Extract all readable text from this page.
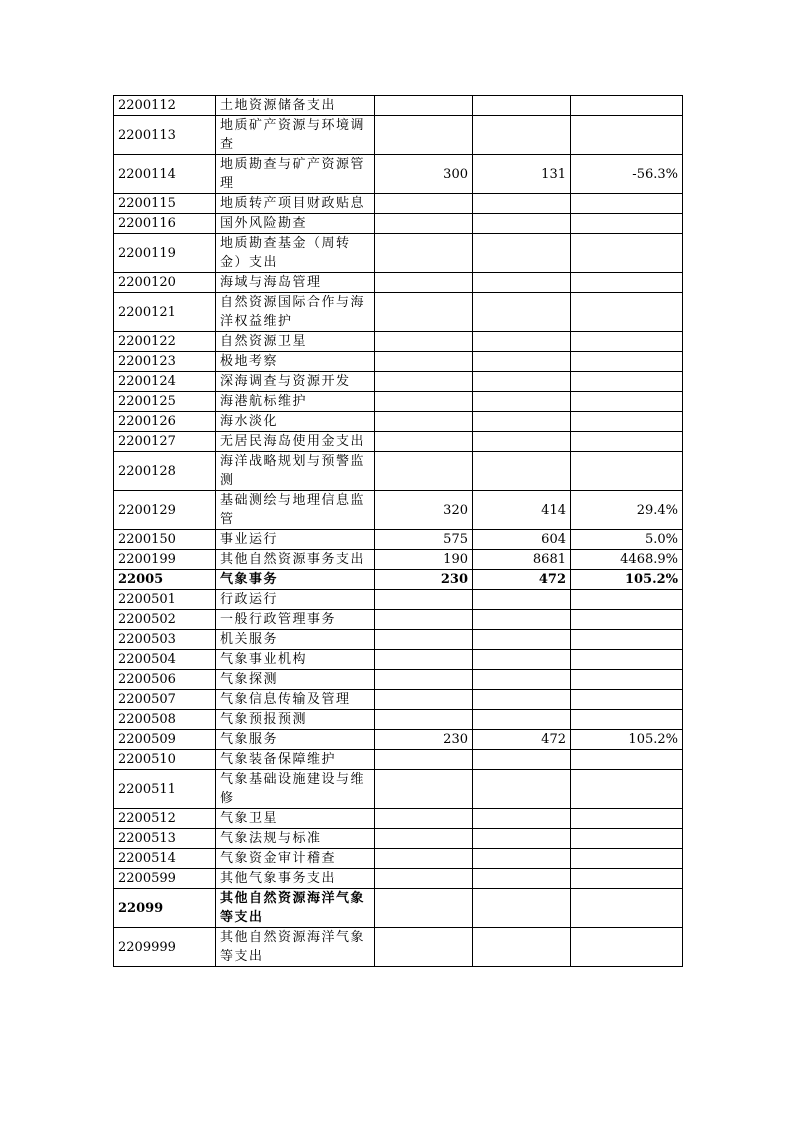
2200112	土地资源储备支出			
2200113	地质矿产资源与环境调查			
2200114	地质勘查与矿产资源管理	300	131	-56.3%
2200115	地质转产项目财政贴息			
2200116	国外风险勘查			
2200119	地质勘查基金（周转金）支出			
2200120	海域与海岛管理			
2200121	自然资源国际合作与海洋权益维护			
2200122	自然资源卫星			
2200123	极地考察			
2200124	深海调查与资源开发			
2200125	海港航标维护			
2200126	海水淡化			
2200127	无居民海岛使用金支出			
2200128	海洋战略规划与预警监测			
2200129	基础测绘与地理信息监管	320	414	29.4%
2200150	事业运行	575	604	5.0%
2200199	其他自然资源事务支出	190	8681	4468.9%
22005	气象事务	230	472	105.2%
2200501	行政运行			
2200502	一般行政管理事务			
2200503	机关服务			
2200504	气象事业机构			
2200506	气象探测			
2200507	气象信息传输及管理			
2200508	气象预报预测			
2200509	气象服务	230	472	105.2%
2200510	气象装备保障维护			
2200511	气象基础设施建设与维修			
2200512	气象卫星			
2200513	气象法规与标准			
2200514	气象资金审计稽查			
2200599	其他气象事务支出			
22099	其他自然资源海洋气象等支出			
2209999	其他自然资源海洋气象等支出			
